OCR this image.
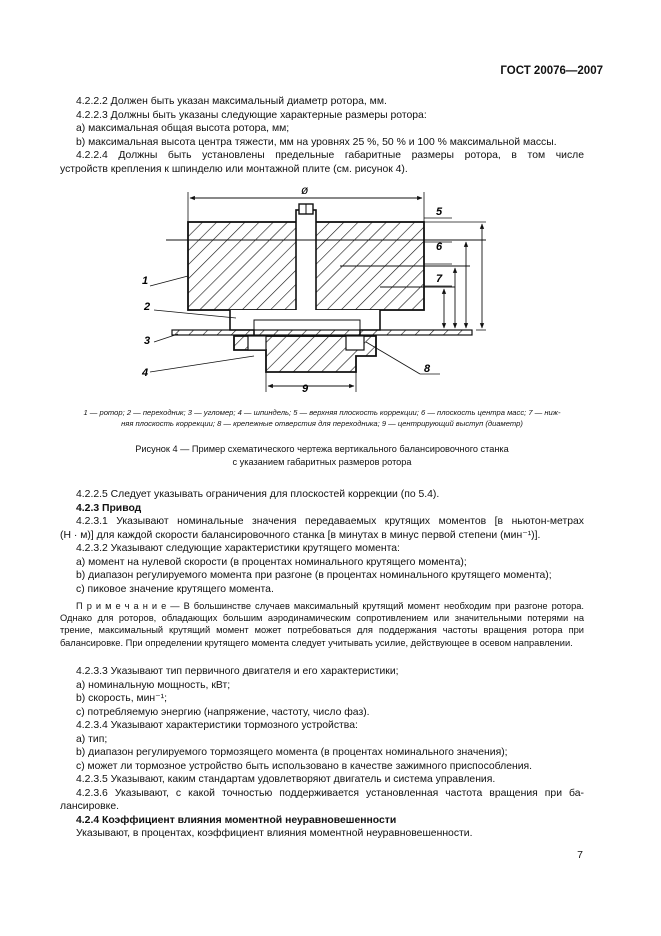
ГОСТ 20076—2007

4.2.2.2 Должен быть указан максимальный диаметр ротора, мм.

4.2.2.3 Должны быть указаны следующие характерные размеры ротора:

a) максимальная общая высота ротора, мм;

b) максимальная высота центра тяжести, мм на уровнях 25 %, 50 % и 100 % максимальной массы.

4.2.2.4 Должны быть установлены предельные габаритные размеры ротора, в том числе

устройств крепления к шпинделю или монтажной плите (см. рисунок 4).

ø
1
2
3
4
5
6
7
8
9
1 — ротор; 2 — переходник; 3 — угломер; 4 — шпиндель; 5 — верхняя плоскость коррекции; 6 — плоскость центра масс; 7 — ниж-
няя плоскость коррекции; 8 — крепежные отверстия для переходника; 9 — центрирующий выступ (диаметр)
Рисунок 4 — Пример схематического чертежа вертикального балансировочного станка
с указанием габаритных размеров ротора

4.2.2.5 Следует указывать ограничения для плоскостей коррекции (по 5.4).

4.2.3 Привод

4.2.3.1 Указывают номинальные значения передаваемых крутящих моментов [в ньютон-метрах

(Н · м)] для каждой скорости балансировочного станка [в минутах в минус первой степени (мин⁻¹)].

4.2.3.2 Указывают следующие характеристики крутящего момента:

a) момент на нулевой скорости (в процентах номинального крутящего момента);

b) диапазон регулируемого момента при разгоне (в процентах номинального крутящего момента);

c) пиковое значение крутящего момента.

П р и м е ч а н и е — В большинстве случаев максимальный крутящий момент необходим при разгоне ротора. Однако для роторов, обладающих большим аэродинамическим сопротивлением или значительными потерями на трение, максимальный крутящий момент может потребоваться для поддержания частоты вращения ротора при балансировке. При определении крутящего момента следует учитывать усилие, действующее в осевом направлении.

4.2.3.3 Указывают тип первичного двигателя и его характеристики;

a) номинальную мощность, кВт;

b) скорость, мин⁻¹;

c) потребляемую энергию (напряжение, частоту, число фаз).

4.2.3.4 Указывают характеристики тормозного устройства:

a) тип;

b) диапазон регулируемого тормозящего момента (в процентах номинального значения);

c) может ли тормозное устройство быть использовано в качестве зажимного приспособления.

4.2.3.5 Указывают, каким стандартам удовлетворяют двигатель и система управления.

4.2.3.6 Указывают, с какой точностью поддерживается установленная частота вращения при ба-

лансировке.

4.2.4 Коэффициент влияния моментной неуравновешенности

Указывают, в процентах, коэффициент влияния моментной неуравновешенности.

7
